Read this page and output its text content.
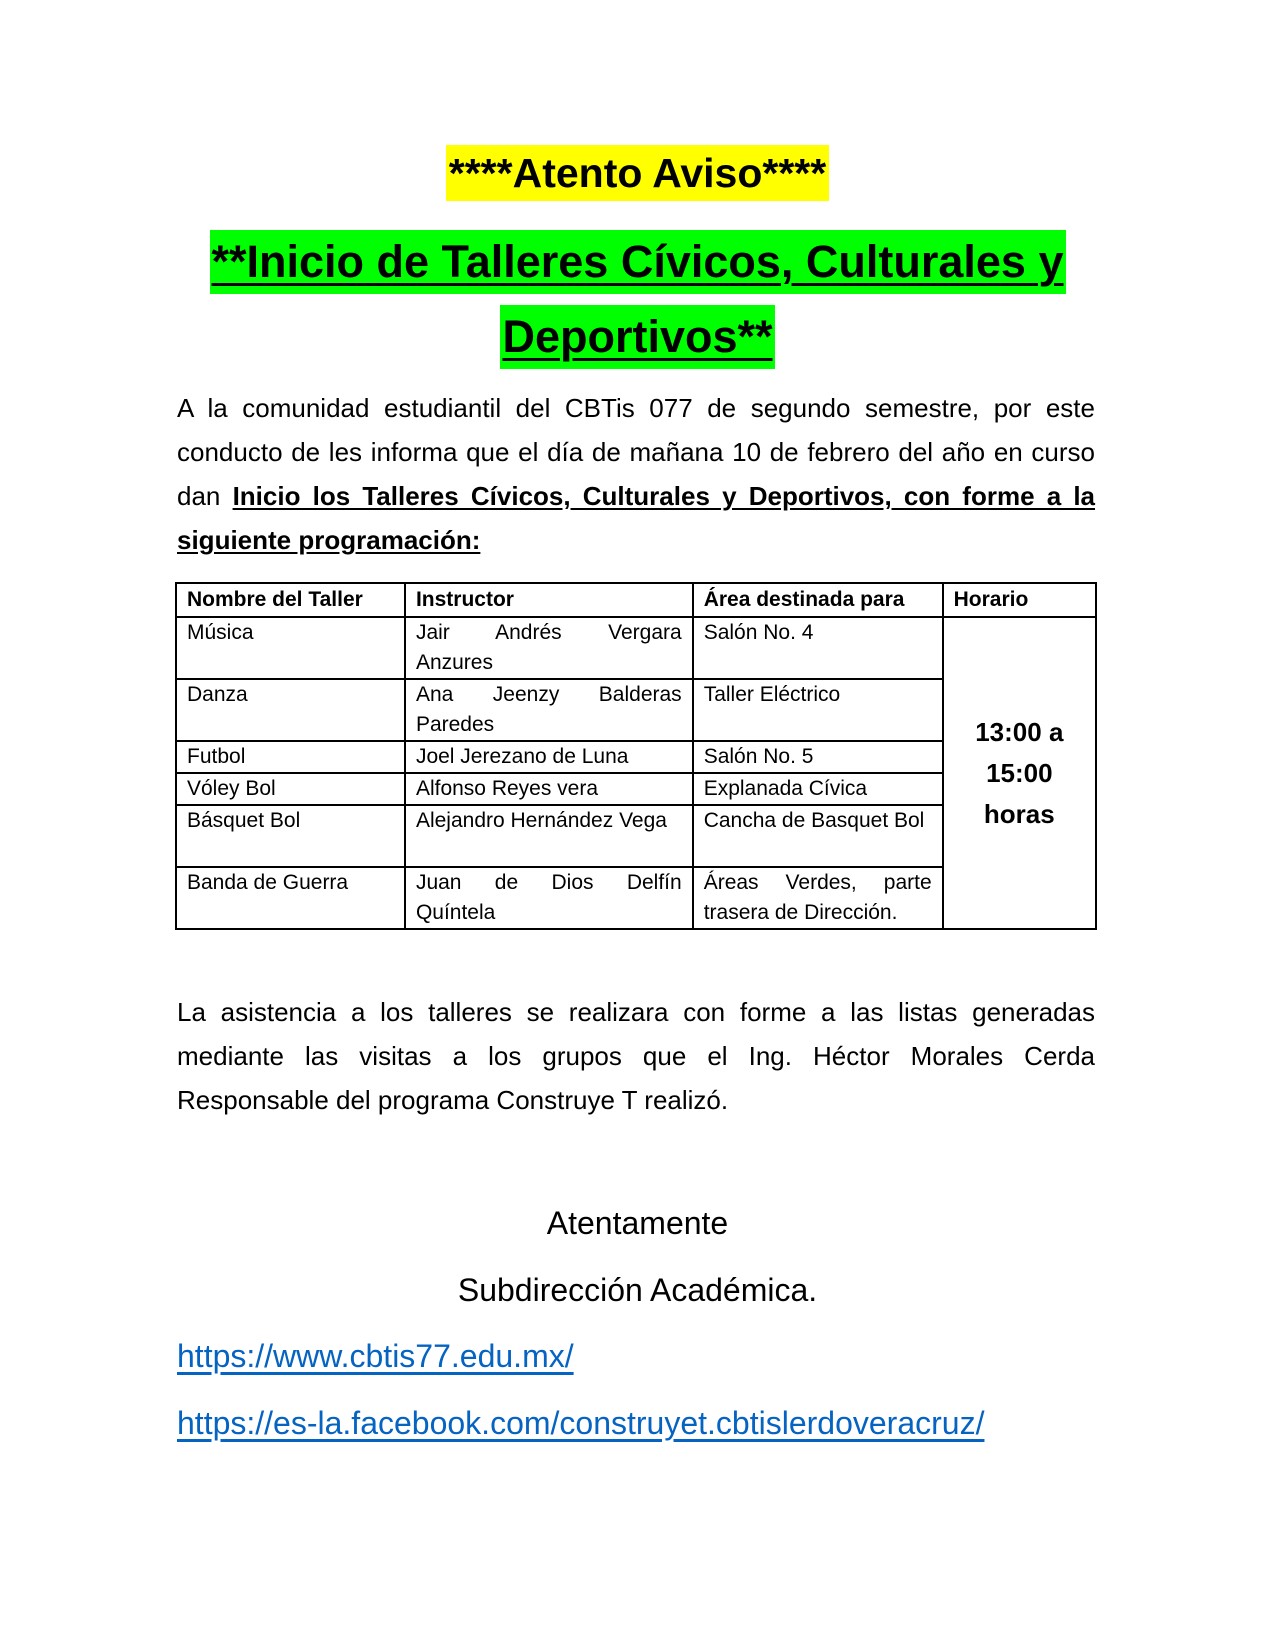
****Atento Aviso****
**Inicio de Talleres Cívicos, Culturales y
Deportivos**
A la comunidad estudiantil del CBTis 077 de segundo semestre, por este conducto de les informa que el día de mañana 10 de febrero del año en curso dan Inicio los Talleres Cívicos, Culturales y Deportivos, con forme a la siguiente programación:
Nombre del Taller	Instructor	Área destinada para	Horario
Música	Jair Andrés Vergara Anzures	Salón No. 4	13:00 a 15:00 horas
Danza	Ana Jeenzy Balderas Paredes	Taller Eléctrico	
Futbol	Joel Jerezano de Luna	Salón No. 5	
Vóley Bol	Alfonso Reyes vera	Explanada Cívica	
Básquet Bol	Alejandro Hernández Vega	Cancha de Basquet Bol	
Banda de Guerra	Juan de Dios Delfín Quíntela	Áreas Verdes, parte trasera de Dirección.	
La asistencia a los talleres se realizara con forme a las listas generadas mediante las visitas a los grupos que el Ing. Héctor Morales Cerda Responsable del programa Construye T realizó.
Atentamente
Subdirección Académica.
https://www.cbtis77.edu.mx/
https://es-la.facebook.com/construyet.cbtislerdoveracruz/
